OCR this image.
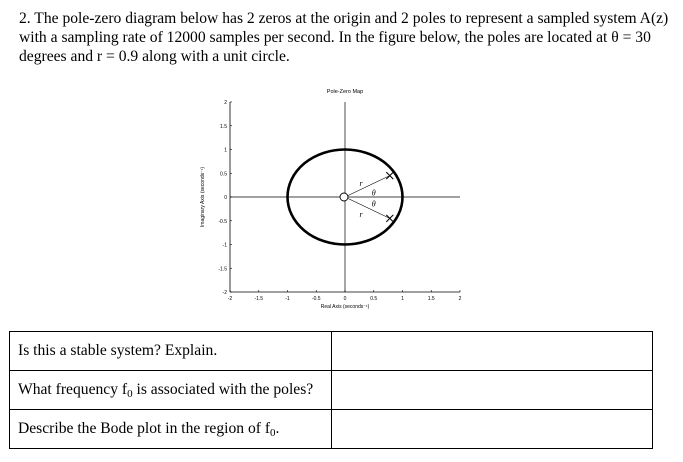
2. The pole-zero diagram below has 2 zeros at the origin and 2 poles to represent a sampled system A(z) with a sampling rate of 12000 samples per second. In the figure below, the poles are located at θ = 30 degrees and r = 0.9 along with a unit circle.

Pole-Zero Map
-2	-1.5	-1	-0.5	0	0.5	1	1.5	2
2
1.5
1
0.5
0
-0.5
-1
-1.5
-2
Real Axis (seconds⁻¹)
Imaginary Axis (seconds⁻¹)	r
θ
θ
r
Is this a stable system? Explain.	
What frequency $f_0$ is associated with the poles?	
Describe the Bode plot in the region of $f_0$.	
